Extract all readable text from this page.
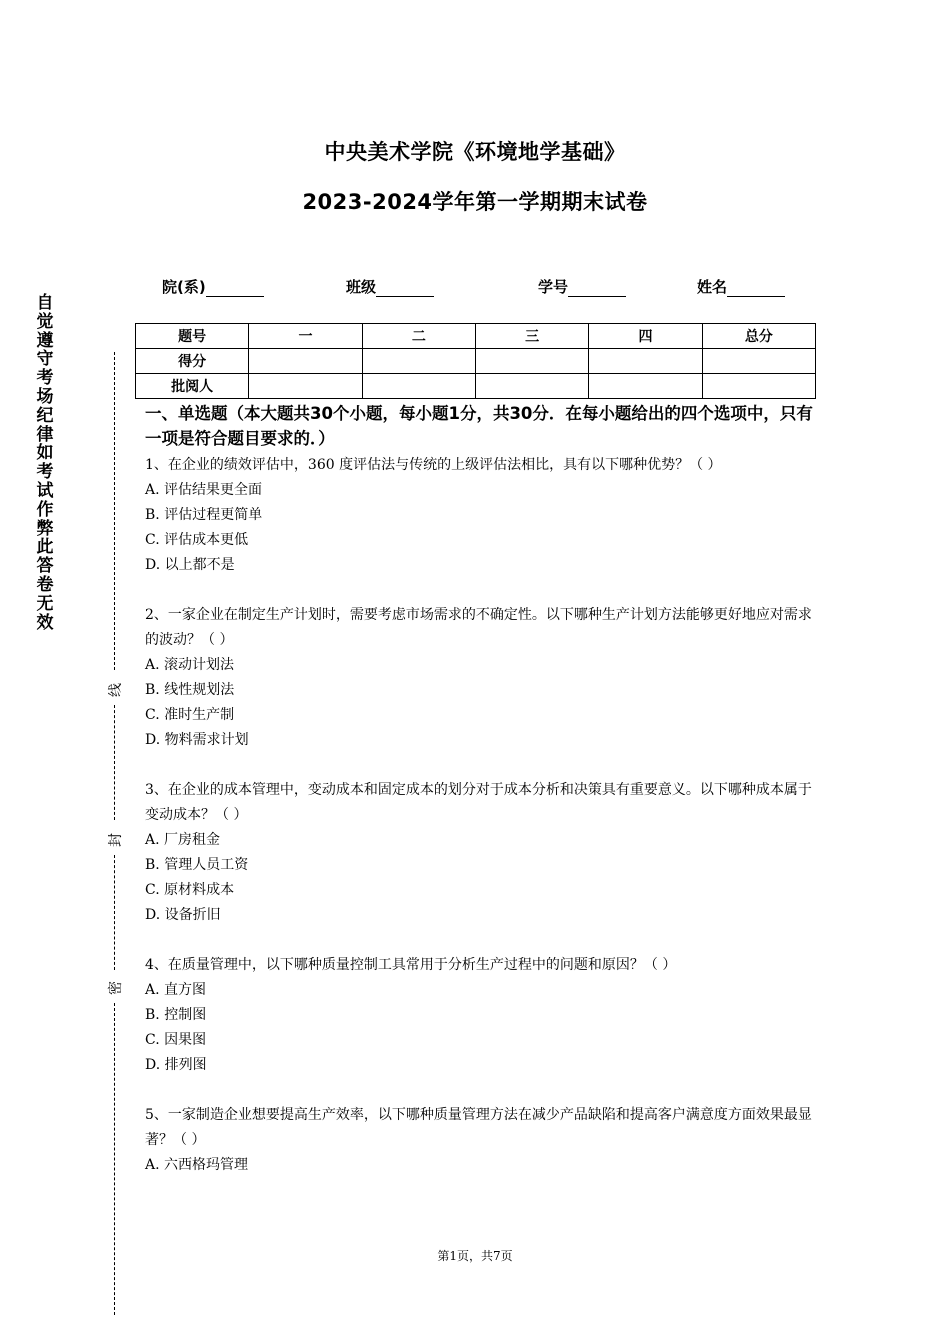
中央美术学院《环境地学基础》
2023-2024学年第一学期期末试卷
院(系)	班级	学号	姓名
题号	一	二	三	四	总分
得分					
批阅人					
自觉遵守考场纪律如考试作弊此答卷无效
线
封
密

一、单选题（本大题共30个小题，每小题1分，共30分．在每小题给出的四个选项中，只有一项是符合题目要求的．）

1、在企业的绩效评估中，360 度评估法与传统的上级评估法相比，具有以下哪种优势？（ ）

A. 评估结果更全面

B. 评估过程更简单

C. 评估成本更低

D. 以上都不是

2、一家企业在制定生产计划时，需要考虑市场需求的不确定性。以下哪种生产计划方法能够更好地应对需求的波动？（ ）

A. 滚动计划法

B. 线性规划法

C. 准时生产制

D. 物料需求计划

3、在企业的成本管理中，变动成本和固定成本的划分对于成本分析和决策具有重要意义。以下哪种成本属于变动成本？（ ）

A. 厂房租金

B. 管理人员工资

C. 原材料成本

D. 设备折旧

4、在质量管理中，以下哪种质量控制工具常用于分析生产过程中的问题和原因？（ ）

A. 直方图

B. 控制图

C. 因果图

D. 排列图

5、一家制造企业想要提高生产效率，以下哪种质量管理方法在减少产品缺陷和提高客户满意度方面效果最显著？（ ）

A. 六西格玛管理

第1页，共7页
